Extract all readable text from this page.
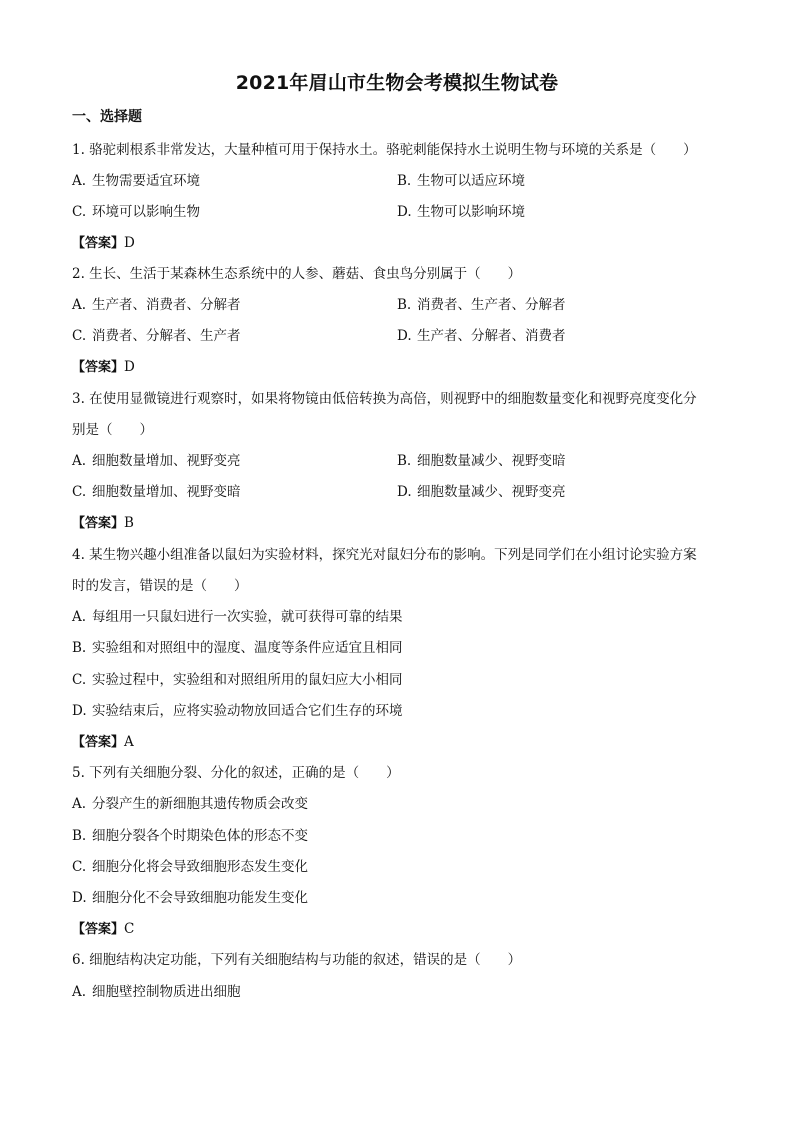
2021年眉山市生物会考模拟生物试卷
一、选择题
1. 骆驼刺根系非常发达，大量种植可用于保持水土。骆驼刺能保持水土说明生物与环境的关系是（　　）
A. 生物需要适宜环境	B. 生物可以适应环境
C. 环境可以影响生物	D. 生物可以影响环境
【答案】D
2. 生长、生活于某森林生态系统中的人参、蘑菇、食虫鸟分别属于（　　）
A. 生产者、消费者、分解者	B. 消费者、生产者、分解者
C. 消费者、分解者、生产者	D. 生产者、分解者、消费者
【答案】D
3. 在使用显微镜进行观察时，如果将物镜由低倍转换为高倍，则视野中的细胞数量变化和视野亮度变化分
别是（　　）
A. 细胞数量增加、视野变亮	B. 细胞数量减少、视野变暗
C. 细胞数量增加、视野变暗	D. 细胞数量减少、视野变亮
【答案】B
4. 某生物兴趣小组准备以鼠妇为实验材料，探究光对鼠妇分布的影响。下列是同学们在小组讨论实验方案
时的发言，错误的是（　　）
A. 每组用一只鼠妇进行一次实验，就可获得可靠的结果
B. 实验组和对照组中的湿度、温度等条件应适宜且相同
C. 实验过程中，实验组和对照组所用的鼠妇应大小相同
D. 实验结束后，应将实验动物放回适合它们生存的环境
【答案】A
5. 下列有关细胞分裂、分化的叙述，正确的是（　　）
A. 分裂产生的新细胞其遗传物质会改变
B. 细胞分裂各个时期染色体的形态不变
C. 细胞分化将会导致细胞形态发生变化
D. 细胞分化不会导致细胞功能发生变化
【答案】C
6. 细胞结构决定功能，下列有关细胞结构与功能的叙述，错误的是（　　）
A. 细胞壁控制物质进出细胞
